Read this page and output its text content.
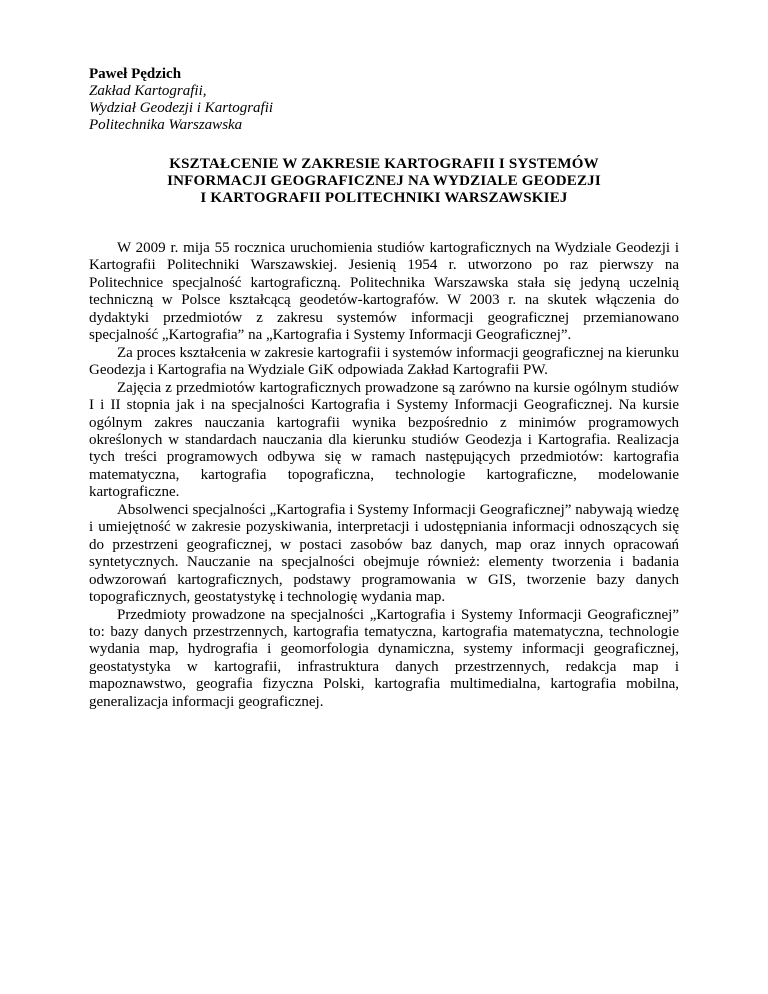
Paweł Pędzich
Zakład Kartografii,
Wydział Geodezji i Kartografii
Politechnika Warszawska
KSZTAŁCENIE W ZAKRESIE KARTOGRAFII I SYSTEMÓW
INFORMACJI GEOGRAFICZNEJ NA WYDZIALE GEODEZJI
I KARTOGRAFII POLITECHNIKI WARSZAWSKIEJ

W 2009 r. mija 55 rocznica uruchomienia studiów kartograficznych na Wydziale Geodezji i Kartografii Politechniki Warszawskiej. Jesienią 1954 r. utworzono po raz pierwszy na Politechnice specjalność kartograficzną. Politechnika Warszawska stała się jedyną uczelnią techniczną w Polsce kształcącą geodetów-kartografów. W 2003 r. na skutek włączenia do dydaktyki przedmiotów z zakresu systemów informacji geograficznej przemianowano specjalność „Kartografia” na „Kartografia i Systemy Informacji Geograficznej”.

Za proces kształcenia w zakresie kartografii i systemów informacji geograficznej na kierunku Geodezja i Kartografia na Wydziale GiK odpowiada Zakład Kartografii PW.

Zajęcia z przedmiotów kartograficznych prowadzone są zarówno na kursie ogólnym studiów I i II stopnia jak i na specjalności Kartografia i Systemy Informacji Geograficznej. Na kursie ogólnym zakres nauczania kartografii wynika bezpośrednio z minimów programowych określonych w standardach nauczania dla kierunku studiów Geodezja i Kartografia. Realizacja tych treści programowych odbywa się w ramach następujących przedmiotów: kartografia matematyczna, kartografia topograficzna, technologie kartograficzne, modelowanie kartograficzne.

Absolwenci specjalności „Kartografia i Systemy Informacji Geograficznej” nabywają wiedzę i umiejętność w zakresie pozyskiwania, interpretacji i udostępniania informacji odnoszących się do przestrzeni geograficznej, w postaci zasobów baz danych, map oraz innych opracowań syntetycznych. Nauczanie na specjalności obejmuje również: elementy tworzenia i badania odwzorowań kartograficznych, podstawy programowania w GIS, tworzenie bazy danych topograficznych, geostatystykę i technologię wydania map.

Przedmioty prowadzone na specjalności „Kartografia i Systemy Informacji Geograficznej” to: bazy danych przestrzennych, kartografia tematyczna, kartografia matematyczna, technologie wydania map, hydrografia i geomorfologia dynamiczna, systemy informacji geograficznej, geostatystyka w kartografii, infrastruktura danych przestrzennych, redakcja map i mapoznawstwo, geografia fizyczna Polski, kartografia multimedialna, kartografia mobilna, generalizacja informacji geograficznej.
